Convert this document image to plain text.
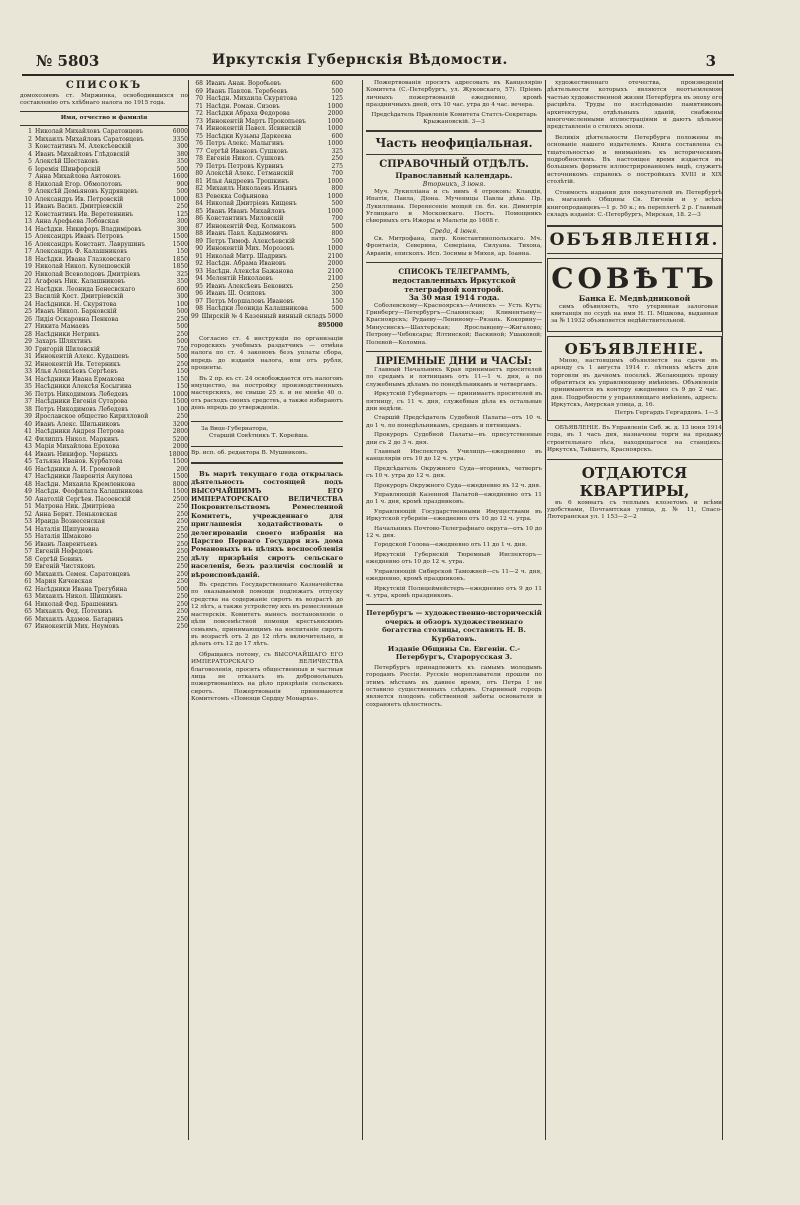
№ 5803	Иркутскія Губернскія Вѣдомости.	3
СПИСОКЪ
домохозяевъ ст. Миржинка, освободившихся по составленію отъ хлѣбнаго налога по 1915 года.
Имя, отчество и фамилія
1 Николай Михайловъ Саратовцевъ	6000
2 Михаилъ Михайловъ Саратовцевъ	3350
3 Константинъ М. Алексѣевскій	300
4 Иванъ Михайловъ Глѣдовскій	380
5 Алексѣй Шестаковъ	350
6 Іеремія Шинфорскій	500
7 Анна Михайлова Антоновъ	1600
8 Николай Егор. Обмолотовъ	900
9 Алексѣй Демьяновъ Кудрявцевъ	500
10 Александръ Ив. Петровскій	1000
11 Иванъ Васил. Дмитріевскій	250
12 Константинъ Ив. Веретеннинъ	125
13 Анна Арефьева Лобовская	300
14 Насѣдки. Никифоръ Владиміровъ	300
15 Александръ Иванъ Петровъ	1500
16 Александръ Констант. Лаврушинъ	1500
17 Александръ Ф. Калашниковъ	150
18 Насѣдки. Ивана Глазковскаго	1850
19 Николай Никол. Кулешовскій	1850
20 Николай Всеволодовъ Дмитріевъ	325
21 Агафонъ Ник. Калашниковъ	350
22 Насѣдки. Леонида Бенесвскаго	600
23 Василій Кост. Дмитріевскій	300
24 Насѣдники. Н. Скурятова	100
25 Иванъ Никол. Барковскій	500
26 Лидія Оскаровна Пенкова	250
27 Никита Мамаевъ	500
28 Насѣдники Нетрикъ	250
29 Захаръ Шляхтинъ	500
30 Григорій Шиловскій	750
31 Иннокентій Алекс. Кудашевъ	500
32 Иннокентій Ив. Тетерникъ	250
33 Илья Алексѣевъ Сергѣевъ	150
34 Насѣдники Ивана Ермакова	150
35 Насѣдники Алексѣя Косыгина	150
36 Петръ Никодимовъ Лебедевъ	1000
37 Насѣдники Евгенія Сутарова	1500
38 Петръ Никодимовъ Лебедевъ	100
39 Ярославское общество Кирилловой	250
40 Иванъ Алекс. Шильниковъ	3200
41 Насѣдники Андрея Петрова	2800
42 Филиппъ Никол. Маркинъ	5200
43 Марія Михайлова Ерохова	2000
44 Иванъ Никифор. Черныхъ	18000
45 Татьяна Иванов. Курбатова	1500
46 Насѣдники А. И. Громовой	200
47 Насѣдники Лаврентія Акулова	1500
48 Насѣдн. Михаила Кремленкова	8000
49 Насѣдн. Феофилата Калашникова	1500
50 Анатолій Сергѣев. Пасоевскій	2500
51 Матрона Ник. Дмитріева	250
52 Анна Бернт. Пеньковская	250
53 Ираида Вознесенская	250
54 Наталія Щипуновна	250
55 Наталія Шмаково	250
56 Иванъ Лаврентьевъ	250
57 Евгеній Нефедовъ	250
58 Сергѣй Бовинъ	250
59 Евгеній Чистяковъ	250
60 Михаилъ Семен. Саратовцевъ	250
61 Мария Кичевская	250
62 Насѣдники Ивана Трегубина	500
63 Михаилъ Никол. Шишкинъ	250
64 Николай Фед. Брашенинъ	250
65 Михаилъ Фед. Потехинъ	250
66 Михаилъ Адамов. Батаринъ	250
67 Иннокентій Мих. Неумовъ	250
68 Иванъ Анан. Воробьевъ	600
69 Иванъ Павлов. Теребеевъ	500
70 Насѣдн. Михаила Скурятова	125
71 Насѣдн. Роман. Сизовъ	1000
72 Насѣдки Абраха Федорова	2000
73 Иннокентій Мартъ Прокопьевъ	1000
74 Иннокентій Павел. Ясвинскій	1000
75 Насѣдки Кузьмы Даркеева	600
76 Петръ Алекс. Малыгинъ	1000
77 Сергѣй Ивановъ Сушковъ	325
78 Евгенія Никол. Сушковъ	250
79 Петръ Петровъ Курвинъ	275
80 Алексѣй Алекс. Гетманскій	700
81 Илья Андреевъ Трошкинъ	1000
82 Михаилъ Николаевъ Ильинъ	800
83 Ревекка Софьинова	1000
84 Николай Дмитріевъ Кищенъ	500
85 Иванъ Иванъ Михайловъ	1000
86 Константинъ Миловскій	700
87 Иннокентій Фед. Колмаковъ	500
88 Иванъ Павл. Кадымовичъ	800
89 Петръ Тимоф. Алексѣевскій	500
90 Иннокентій Мих. Морозовъ	1000
91 Николай Митр. Шадринъ	2100
92 Насѣдн. Абрама Ивановъ	2000
93 Насѣдн. Алексѣя Бажанова	2100
94 Мелентій Николаевъ	2100
95 Иванъ Алексѣевъ Бековихъ	250
96 Иванъ Ш. Осиповъ	300
97 Петръ Моршаловъ Ивановъ	150
98 Насѣдки Леонида Калашникова	500
99 Ширскій № 4 Казенный винный складъ 5000
895000
Согласно ст. 4 инструкціи по организаціи городскихъ учебныхъ раздатчикъ — отмѣна налога по ст. 4 законовъ безъ уплаты сбора, впредь до изданія налога, или отъ рубля, проценты.
Въ 2 пр. къ ст. 24 освобождается отъ налоговъ имущество, на постройку производственныхъ мастерскихъ, не свыше 25 л. и не менѣе 40 л. отъ расходъ своихъ средствъ, а также избираютъ день впредь до утвержденія.
За Вице-Губернатора,
Старшій Совѣтникъ Т. Корейша.
Вр. исп. об. редактора В. Мушниковъ.
Въ мартѣ текущаго года открылась дѣятельность состоящей подъ ВЫСОЧАЙШИМЪ ЕГО ИМПЕРАТОРСКАГО ВЕЛИЧЕСТВА Покровительствомъ Ремесленной Комитетъ, учрежденнаго для приглашенія ходатайствовать о делегированіи своего избранія на Царство Перваго Государя изъ дома Романовыхъ въ цѣляхъ воспособленія дѣлу призрѣнія сиротъ сельскаго населенія, безъ различія сословій и вѣроисповѣданій.
Въ средствъ Государственнаго Казначейства по оказываемой помощи подлежатъ отпуску средства на содержаніе сиротъ въ возрастѣ до 12 лѣтъ, а также устройству ихъ въ ремесленныя мастерскія. Комитетъ вынесъ постановленіе о цѣли повсемѣстной помощи крестьянскимъ семьямъ, принимающимъ на воспитаніе сиротъ въ возрастѣ отъ 2 до 12 лѣтъ включительно, и дѣлать отъ 12 до 17 лѣтъ.
Обращаясь потому, съ ВЫСОЧАЙШАГО ЕГО ИМПЕРАТОРСКАГО ВЕЛИЧЕСТВА благоволенія, просить общественныя и частныя лица не отказать въ добровольныхъ пожертвованіяхъ на дѣло призрѣнія сельскихъ сиротъ. Пожертвованія принимаются Комитетомъ «Помощи Сердцу Монарха».
Пожертвованія просятъ адресовать въ Канцелярію Комитета (С.-Петербургъ, ул. Жуковскаго, 57). Пріемъ личныхъ пожертвованій ежедневно, кромѣ праздничныхъ дней, отъ 10 час. утра до 4 час. вечера.
Предсѣдатель Правленія Комитета Статсъ-Секретарь Крыжановскій. 3—3
Часть неофиціальная.
СПРАВОЧНЫЙ ОТДѢЛЪ.
Православный календарь.
Вторникъ, 3 іюня.
Муч. Лукилліана и съ нимъ 4 отроковъ: Клавдія, Ипатія, Павла, Діона. Мученицы Павлы дѣвы. Пр. Лукиллиана. Перенесеніе мощей св. бл. кн. Димитрія Углицкаго и Московскаго. Постъ. Помощникъ сѣверныхъ отъ Ижоры и Мальтіи до 1608 г.
Среда, 4 іюня.
Св. Митрофана, патр. Константинопольскаго. Мч. Фронтасія, Северина, Северіана, Силуана. Тихона, Аврамія, епископъ. Исп. Зосимы и Михея, ар. Іоанна.
СПИСОКЪ ТЕЛЕГРАММЪ, недоставленныхъ Иркутской телеграфной конторой.
За 30 мая 1914 года.
Соболевскому—Красноярскъ—Ачинскъ — Усть Кутъ; Гринбергу—Петербургъ—Славянская; Климентьеву—Красноярскъ; Рудаеву—Лениному—Рязань. Кокорину—Минусинскъ—Шахтерская; Ярославцеву—Жигалово; Петрову—Чебоксары; Ялтинской; Васкиной; Ушаковой; Полевой—Коломна.
ПРІЕМНЫЕ ДНИ и ЧАСЫ:
Главный Начальникъ Края принимаетъ просителей по средамъ и пятницамъ отъ 11—1 ч. дня, а по служебнымъ дѣламъ по понедѣльникамъ и четвергамъ.
Иркутскій Губернаторъ — принимаетъ просителей въ пятницу, съ 11 ч. дня, служебныя дѣла въ остальные дни недѣли.
Старшій Предсѣдатель Судебной Палаты—отъ 10 ч. до 1 ч. по понедѣльникамъ, средамъ и пятницамъ.
Прокуроръ Судебной Палаты—въ присутственные дни съ 2 до 3 ч. дня.
Главный Инспекторъ Училищъ—ежедневно въ канцеляріи отъ 10 до 12 ч. утра.
Предсѣдатель Окружного Суда—вторникъ, четвергъ съ 10 ч. утра до 12 ч. дня.
Прокуроръ Окружного Суда—ежедневно въ 12 ч. дня.
Управляющій Казенной Палатой—ежедневно отъ 11 до 1 ч. дня, кромѣ праздниковъ.
Управляющій Государственными Имуществами въ Иркутской губерніи—ежедневно отъ 10 до 12 ч. утра.
Начальникъ Почтово-Телеграфнаго округа—отъ 10 до 12 ч. дня.
Городской Голова—ежедневно отъ 11 до 1 ч. дня.
Иркутскій Губернскій Тюремный Инспекторъ—ежедневно отъ 10 до 12 ч. утра.
Управляющій Сибирской Таможней—съ 11—2 ч. дня, ежедневно, кромѣ праздниковъ.
Иркутскій Полицеймейстеръ—ежедневно отъ 9 до 11 ч. утра, кромѣ праздниковъ.
Петербургъ — художественно-историческій очеркъ и обзоръ художественнаго богатства столицы, составилъ Н. В. Курбатовъ.
Изданіе Общины Св. Евгеніи. С.-Петербургъ, Старорусская 3.
Петербургъ принадлежитъ къ самымъ молодымъ городамъ Россіи. Русскіе мореплаватели прошли по этимъ мѣстамъ въ давнее время, отъ Петра I не оставило существенныхъ слѣдовъ. Старинный городъ является плодомъ собственной заботы основателя и сохраняетъ цѣлостность.
художественнаго отечества, произведенія дѣятельности которыхъ являются неотъемлемою частью художественной жизни Петербурга въ эпоху его расцвѣта. Труды по изслѣдованію памятниковъ архитектуры, отдѣльныхъ зданій, снабжены многочисленными иллюстраціями и даютъ цѣльное представленіе о стиляхъ эпохи.
Великія дѣятельности Петербурга положены въ основаніе нашего издателемъ. Книга составлена съ тщательностью и вниманіемъ къ историческимъ подробностямъ. Въ настоящее время издается въ большемъ формате иллюстрированномъ видѣ, служитъ источникомъ справокъ о постройкахъ XVIII и XIX столѣтій.
Стоимость издания для покупателей въ Петербургѣ въ магазинѣ Общины Св. Евгеніи и у всѣхъ книгопродавцевъ—1 р. 50 к.; въ переплетѣ 2 р. Главный складъ изданія: С.-Петербургъ, Мирская, 18. 2—3
ОБЪЯВЛЕНІЯ.
СОВѢТЪ
Банка Е. Медвѣдниковой
симъ объявляетъ, что утерянная залоговая квитанція по ссудѣ на имя Н. П. Мішкова, выданная за № 11932 объявляется недѣйствительной.
ОБЪЯВЛЕНІЕ.
Мною, настоящимъ объявляется на сдачи въ аренду съ 1 августа 1914 г. лѣтнихъ мѣстъ для торговли въ дачномъ поселкѣ. Желающихъ прошу обратиться къ управляющему имѣніемъ. Объявленія принимаются въ контору ежедневно съ 9 до 2 час. дня. Подробности у управляющаго имѣніемъ, адресъ: Иркутскъ, Амурская улица, д. 16.
Петръ Гергардъ Гергардовъ. 1—3
ОБЪЯВЛЕНІЕ. Въ Управленіи Сиб. ж. д. 13 іюня 1914 года, въ 1 часъ дня, назначены торги на продажу строительнаго лѣса, находящагося на станціяхъ: Иркутскъ, Тайшетъ, Красноярскъ.
ОТДАЮТСЯ КВАРТИРЫ,
въ 6 комнатъ съ теплымъ клозетомъ и всѣми удобствами, Почтамтская улица, д. № 11, Спасо-Лютеранская ул. 1 153—2—2
